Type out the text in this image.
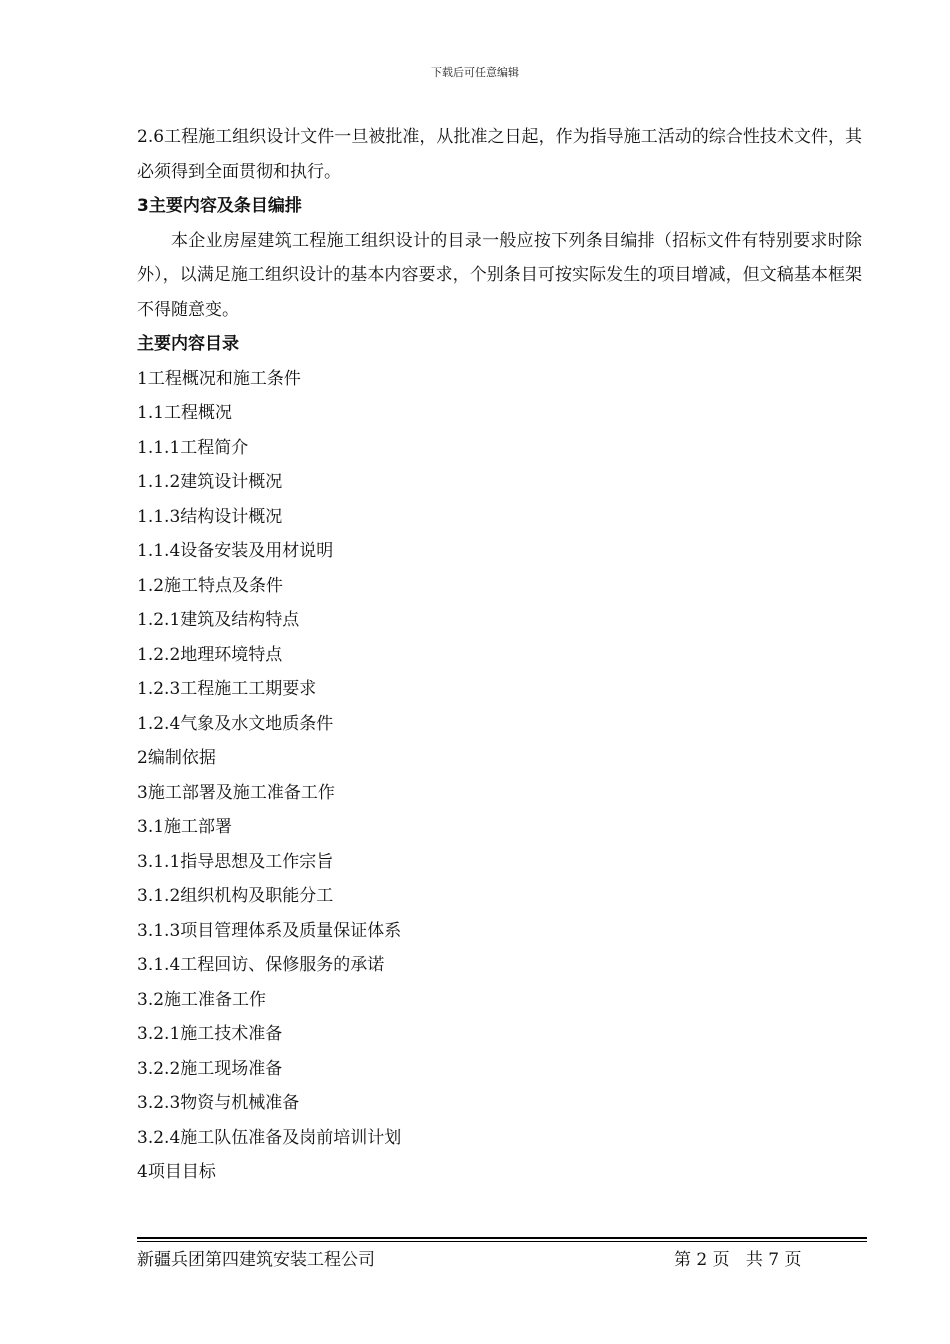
下载后可任意编辑

2.6工程施工组织设计文件一旦被批准，从批准之日起，作为指导施工活动的综合性技术文件，其必须得到全面贯彻和执行。

3主要内容及条目编排

本企业房屋建筑工程施工组织设计的目录一般应按下列条目编排（招标文件有特别要求时除外），以满足施工组织设计的基本内容要求，个别条目可按实际发生的项目增减，但文稿基本框架不得随意变。

主要内容目录

1工程概况和施工条件
1.1工程概况
1.1.1工程简介
1.1.2建筑设计概况
1.1.3结构设计概况
1.1.4设备安装及用材说明
1.2施工特点及条件
1.2.1建筑及结构特点
1.2.2地理环境特点
1.2.3工程施工工期要求
1.2.4气象及水文地质条件
2编制依据
3施工部署及施工准备工作
3.1施工部署
3.1.1指导思想及工作宗旨
3.1.2组织机构及职能分工
3.1.3项目管理体系及质量保证体系
3.1.4工程回访、保修服务的承诺
3.2施工准备工作
3.2.1施工技术准备
3.2.2施工现场准备
3.2.3物资与机械准备
3.2.4施工队伍准备及岗前培训计划
4项目目标
新疆兵团第四建筑安装工程公司	第 2 页   共 7 页
